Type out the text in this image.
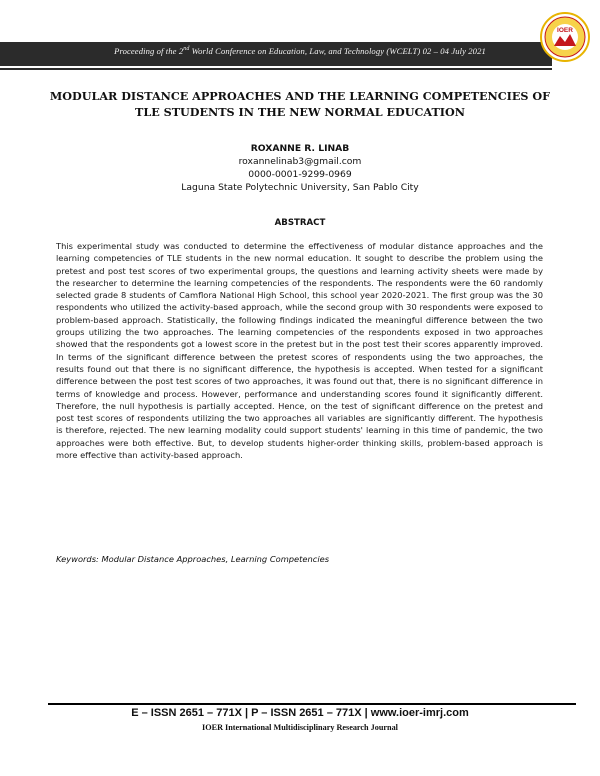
Proceeding of the 2nd World Conference on Education, Law, and Technology (WCELT) 02 – 04 July 2021
IOER
MODULAR DISTANCE APPROACHES AND THE LEARNING COMPETENCIES OF TLE STUDENTS IN THE NEW NORMAL EDUCATION
ROXANNE R. LINAB
roxannelinab3@gmail.com
0000-0001-9299-0969
Laguna State Polytechnic University, San Pablo City
ABSTRACT

This experimental study was conducted to determine the effectiveness of modular distance approaches and the learning competencies of TLE students in the new normal education. It sought to describe the problem using the pretest and post test scores of two experimental groups, the questions and learning activity sheets were made by the researcher to determine the learning competencies of the respondents. The respondents were the 60 randomly selected grade 8 students of Camflora National High School, this school year 2020-2021. The first group was the 30 respondents who utilized the activity-based approach, while the second group with 30 respondents were exposed to problem-based approach. Statistically, the following findings indicated the meaningful difference between the two groups utilizing the two approaches. The learning competencies of the respondents exposed in two approaches showed that the respondents got a lowest score in the pretest but in the post test their scores apparently improved. In terms of the significant difference between the pretest scores of respondents using the two approaches, the results found out that there is no significant difference, the hypothesis is accepted. When tested for a significant difference between the post test scores of two approaches, it was found out that, there is no significant difference in terms of knowledge and process. However, performance and understanding scores found it significantly different. Therefore, the null hypothesis is partially accepted. Hence, on the test of significant difference on the pretest and post test scores of respondents utilizing the two approaches all variables are significantly different. The hypothesis is therefore, rejected. The new learning modality could support students' learning in this time of pandemic, the two approaches were both effective. But, to develop students higher-order thinking skills, problem-based approach is more effective than activity-based approach.

Keywords: Modular Distance Approaches, Learning Competencies
E – ISSN 2651 – 771X | P – ISSN 2651 – 771X | www.ioer-imrj.com
IOER International Multidisciplinary Research Journal
